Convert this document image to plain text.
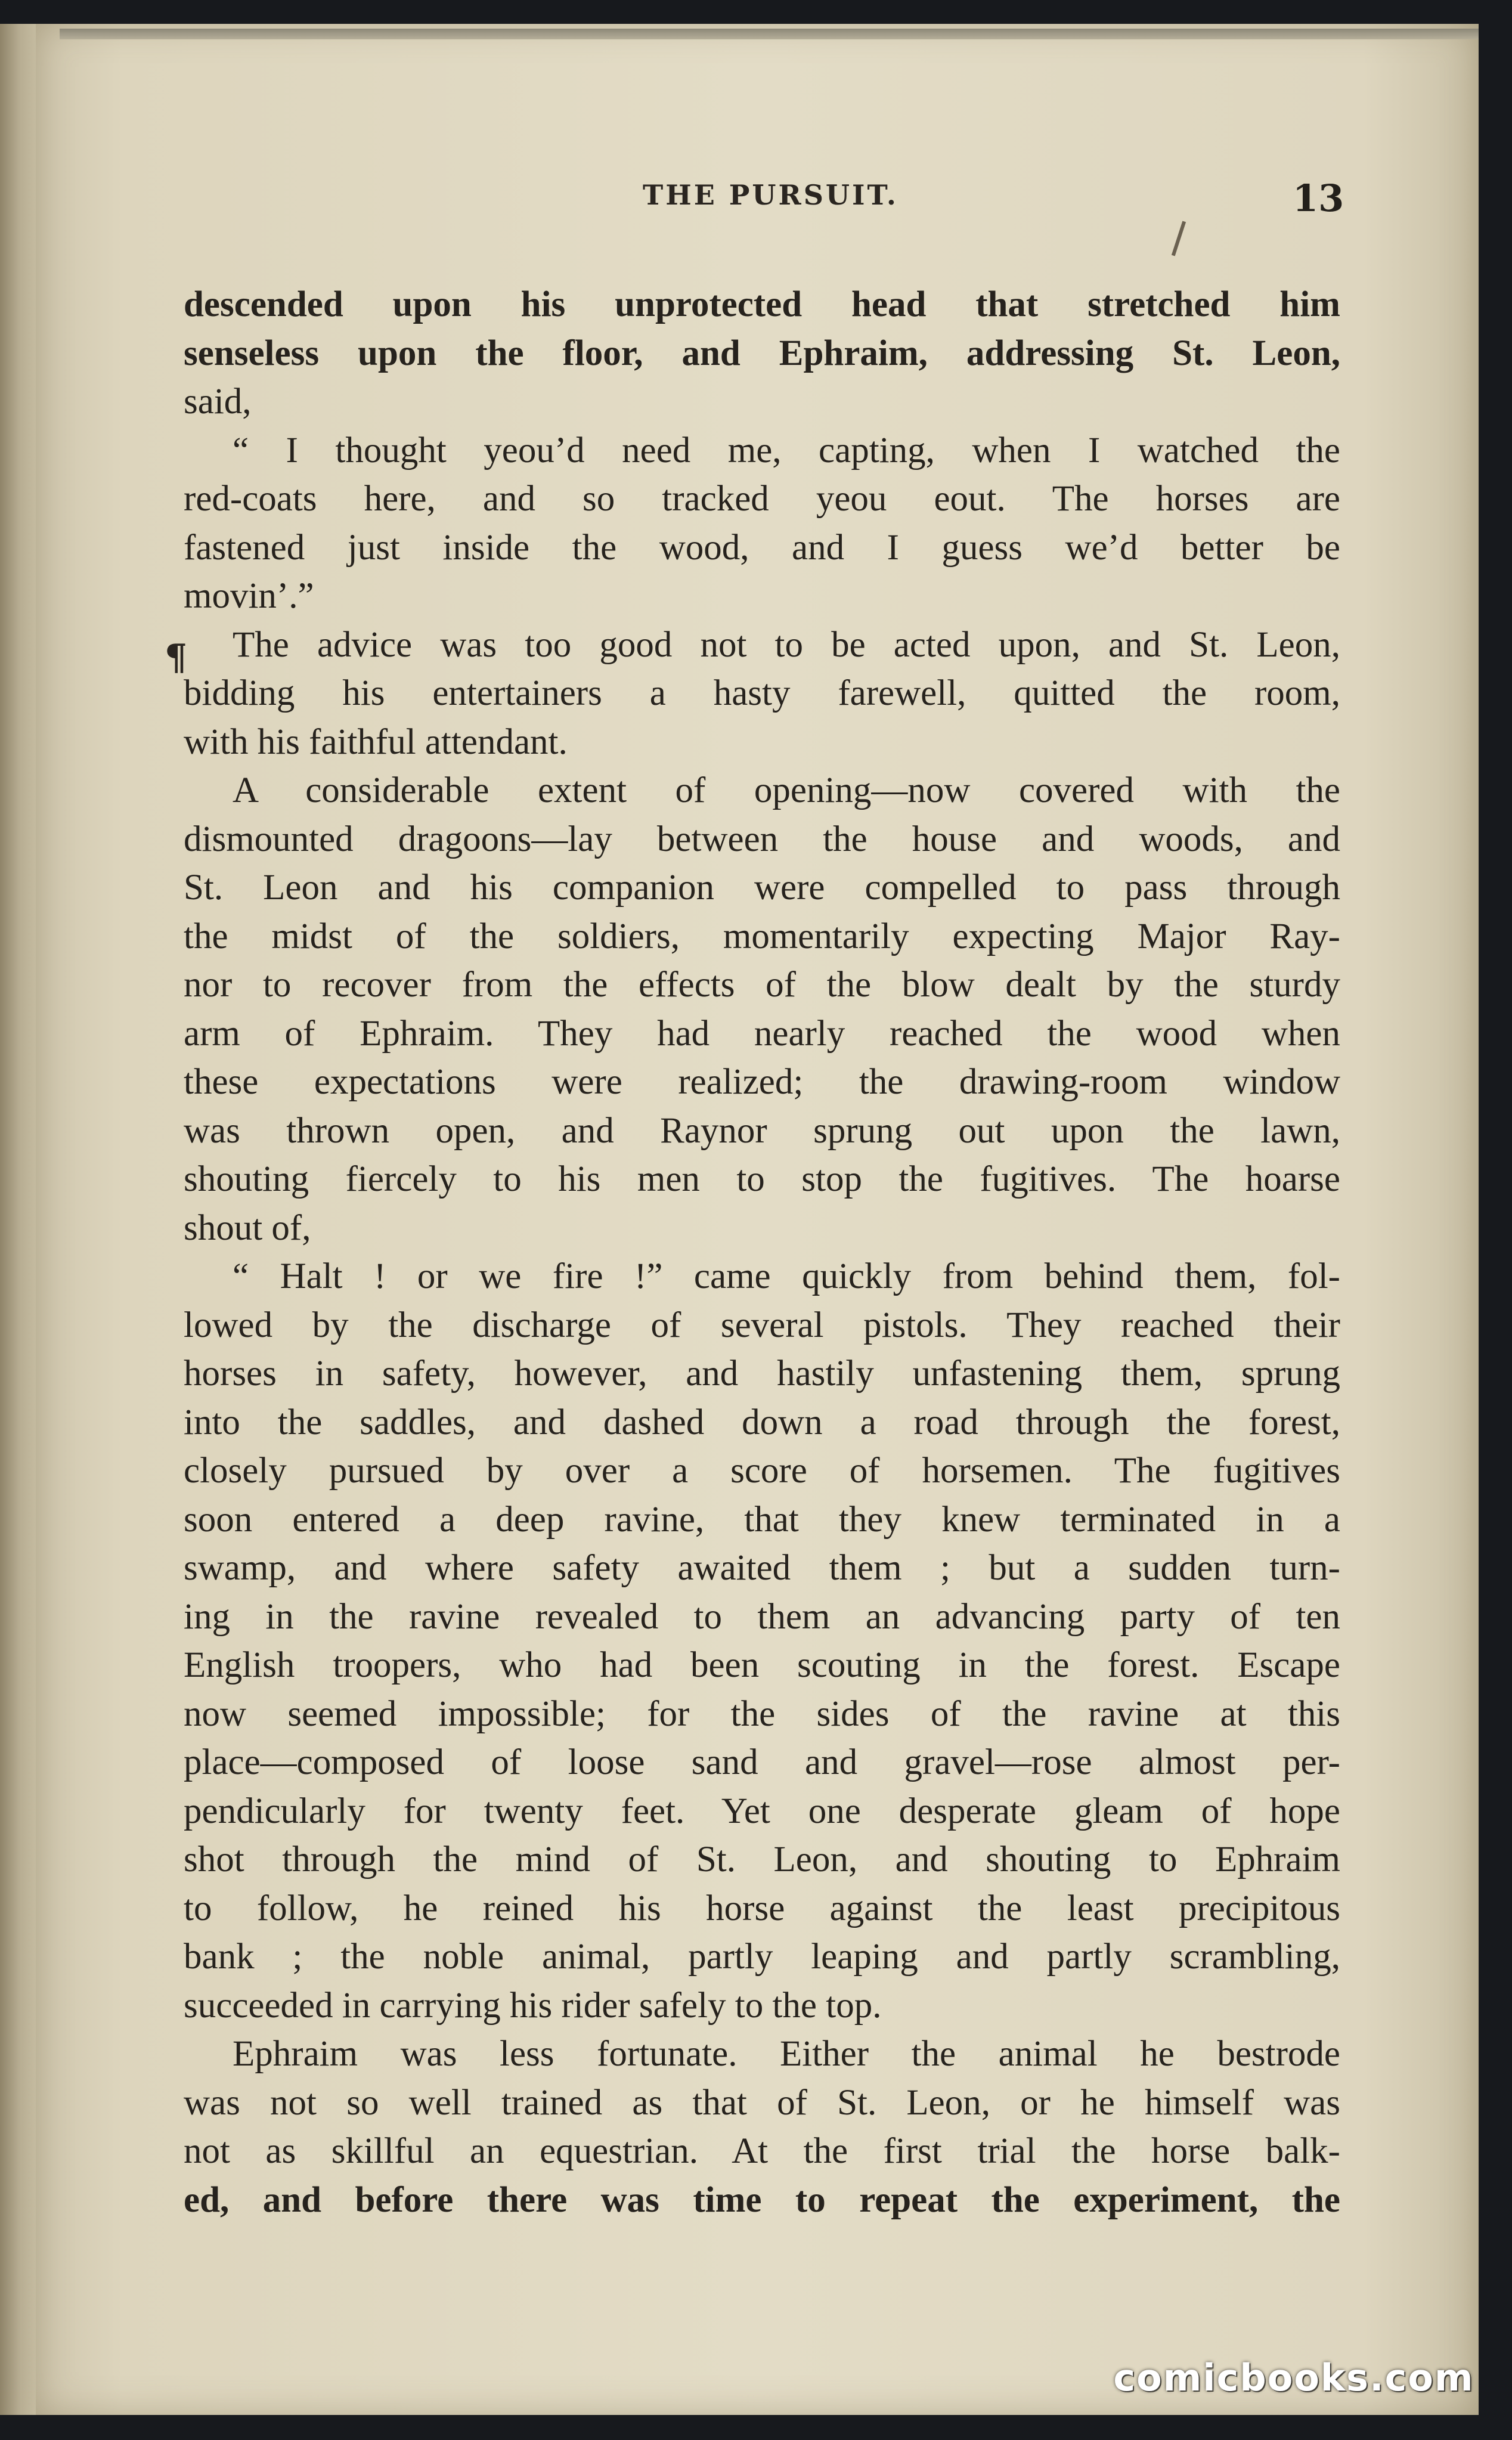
THE PURSUIT.	13
¶
descended upon his unprotected head that stretched him
senseless upon the floor, and Ephraim, addressing St. Leon,
said,
“ I thought yeou’d need me, capting, when I watched the
red-coats here, and so tracked yeou eout. The horses are
fastened just inside the wood, and I guess we’d better be
movin’.”
The advice was too good not to be acted upon, and St. Leon,
bidding his entertainers a hasty farewell, quitted the room,
with his faithful attendant.
A considerable extent of opening—now covered with the
dismounted dragoons—lay between the house and woods, and
St. Leon and his companion were compelled to pass through
the midst of the soldiers, momentarily expecting Major Ray-
nor to recover from the effects of the blow dealt by the sturdy
arm of Ephraim. They had nearly reached the wood when
these expectations were realized; the drawing-room window
was thrown open, and Raynor sprung out upon the lawn,
shouting fiercely to his men to stop the fugitives. The hoarse
shout of,
“ Halt ! or we fire !” came quickly from behind them, fol-
lowed by the discharge of several pistols. They reached their
horses in safety, however, and hastily unfastening them, sprung
into the saddles, and dashed down a road through the forest,
closely pursued by over a score of horsemen. The fugitives
soon entered a deep ravine, that they knew terminated in a
swamp, and where safety awaited them ; but a sudden turn-
ing in the ravine revealed to them an advancing party of ten
English troopers, who had been scouting in the forest. Escape
now seemed impossible; for the sides of the ravine at this
place—composed of loose sand and gravel—rose almost per-
pendicularly for twenty feet. Yet one desperate gleam of hope
shot through the mind of St. Leon, and shouting to Ephraim
to follow, he reined his horse against the least precipitous
bank ; the noble animal, partly leaping and partly scrambling,
succeeded in carrying his rider safely to the top.
Ephraim was less fortunate. Either the animal he bestrode
was not so well trained as that of St. Leon, or he himself was
not as skillful an equestrian. At the first trial the horse balk-
ed, and before there was time to repeat the experiment, the
comicbooks.com
